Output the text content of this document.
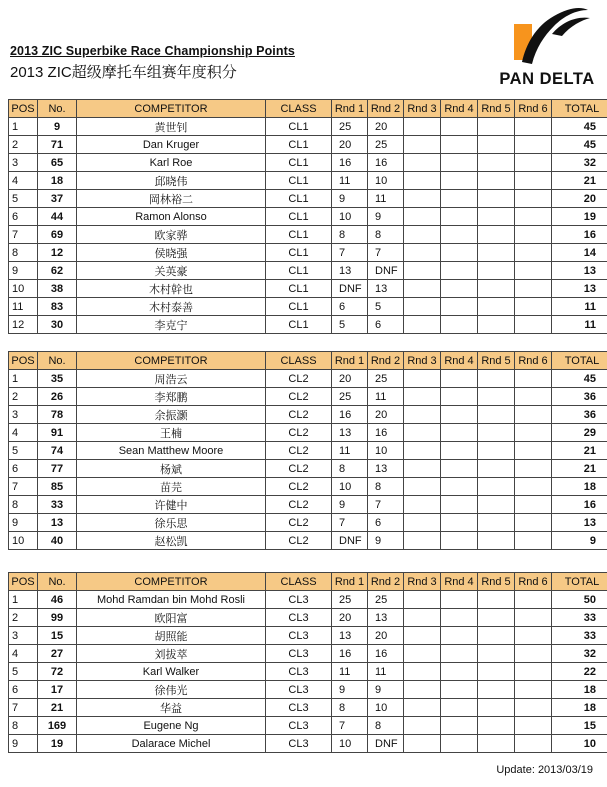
2013 ZIC Superbike Race Championship Points
2013 ZIC超级摩托车组赛年度积分	PAN DELTA
POS	No.	COMPETITOR	CLASS	Rnd 1	Rnd 2	Rnd 3	Rnd 4	Rnd 5	Rnd 6	TOTAL
1	9	黄世钊	CL1	25	20					45
2	71	Dan Kruger	CL1	20	25					45
3	65	Karl Roe	CL1	16	16					32
4	18	邱晓伟	CL1	11	10					21
5	37	岡林裕二	CL1	9	11					20
6	44	Ramon Alonso	CL1	10	9					19
7	69	欧家骅	CL1	8	8					16
8	12	侯晓强	CL1	7	7					14
9	62	关英豪	CL1	13	DNF					13
10	38	木村幹也	CL1	DNF	13					13
11	83	木村泰善	CL1	6	5					11
12	30	李克宁	CL1	5	6					11
POS	No.	COMPETITOR	CLASS	Rnd 1	Rnd 2	Rnd 3	Rnd 4	Rnd 5	Rnd 6	TOTAL
1	35	周浩云	CL2	20	25					45
2	26	李郑鹏	CL2	25	11					36
3	78	余振灏	CL2	16	20					36
4	91	王楠	CL2	13	16					29
5	74	Sean Matthew Moore	CL2	11	10					21
6	77	杨斌	CL2	8	13					21
7	85	苗芫	CL2	10	8					18
8	33	许健中	CL2	9	7					16
9	13	徐乐思	CL2	7	6					13
10	40	赵松凯	CL2	DNF	9					9
POS	No.	COMPETITOR	CLASS	Rnd 1	Rnd 2	Rnd 3	Rnd 4	Rnd 5	Rnd 6	TOTAL
1	46	Mohd Ramdan bin Mohd Rosli	CL3	25	25					50
2	99	欧阳富	CL3	20	13					33
3	15	胡照能	CL3	13	20					33
4	27	刘拔萃	CL3	16	16					32
5	72	Karl Walker	CL3	11	11					22
6	17	徐伟光	CL3	9	9					18
7	21	华益	CL3	8	10					18
8	169	Eugene Ng	CL3	7	8					15
9	19	Dalarace Michel	CL3	10	DNF					10
Update: 2013/03/19
